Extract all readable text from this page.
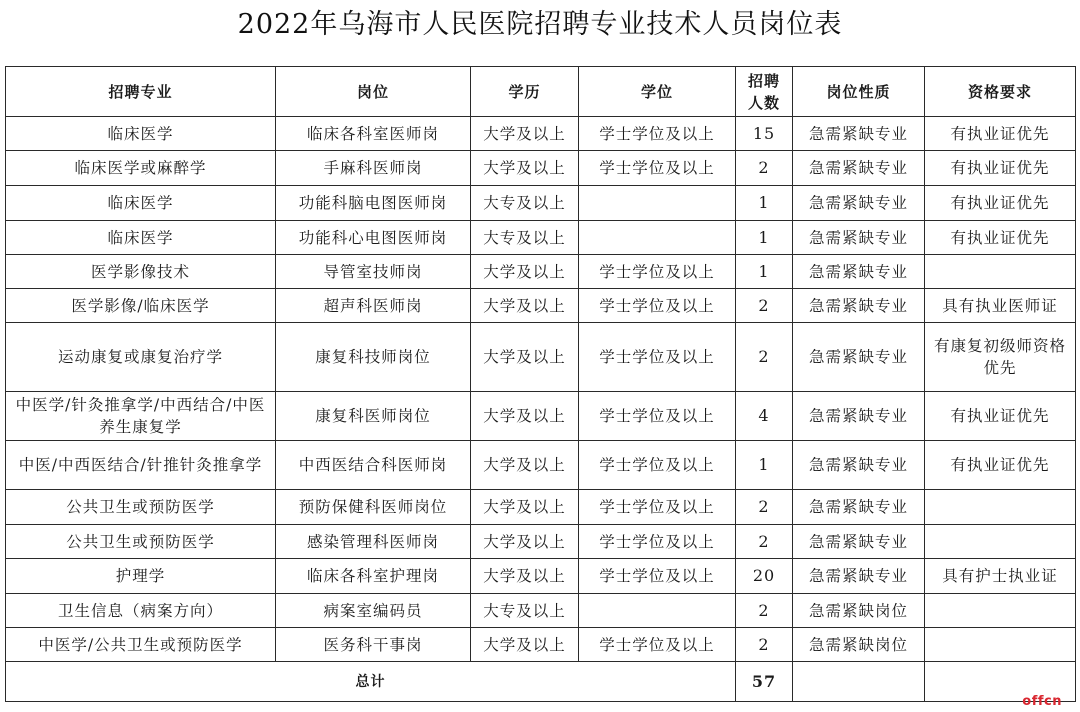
2022年乌海市人民医院招聘专业技术人员岗位表
招聘专业	岗位	学历	学位	招聘人数	岗位性质	资格要求
临床医学	临床各科室医师岗	大学及以上	学士学位及以上	15	急需紧缺专业	有执业证优先
临床医学或麻醉学	手麻科医师岗	大学及以上	学士学位及以上	2	急需紧缺专业	有执业证优先
临床医学	功能科脑电图医师岗	大专及以上		1	急需紧缺专业	有执业证优先
临床医学	功能科心电图医师岗	大专及以上		1	急需紧缺专业	有执业证优先
医学影像技术	导管室技师岗	大学及以上	学士学位及以上	1	急需紧缺专业	
医学影像/临床医学	超声科医师岗	大学及以上	学士学位及以上	2	急需紧缺专业	具有执业医师证
运动康复或康复治疗学	康复科技师岗位	大学及以上	学士学位及以上	2	急需紧缺专业	有康复初级师资格优先
中医学/针灸推拿学/中西结合/中医养生康复学	康复科医师岗位	大学及以上	学士学位及以上	4	急需紧缺专业	有执业证优先
中医/中西医结合/针推针灸推拿学	中西医结合科医师岗	大学及以上	学士学位及以上	1	急需紧缺专业	有执业证优先
公共卫生或预防医学	预防保健科医师岗位	大学及以上	学士学位及以上	2	急需紧缺专业	
公共卫生或预防医学	感染管理科医师岗	大学及以上	学士学位及以上	2	急需紧缺专业	
护理学	临床各科室护理岗	大学及以上	学士学位及以上	20	急需紧缺专业	具有护士执业证
卫生信息（病案方向）	病案室编码员	大专及以上		2	急需紧缺岗位	
中医学/公共卫生或预防医学	医务科干事岗	大学及以上	学士学位及以上	2	急需紧缺岗位	
总计				57		
offcn
